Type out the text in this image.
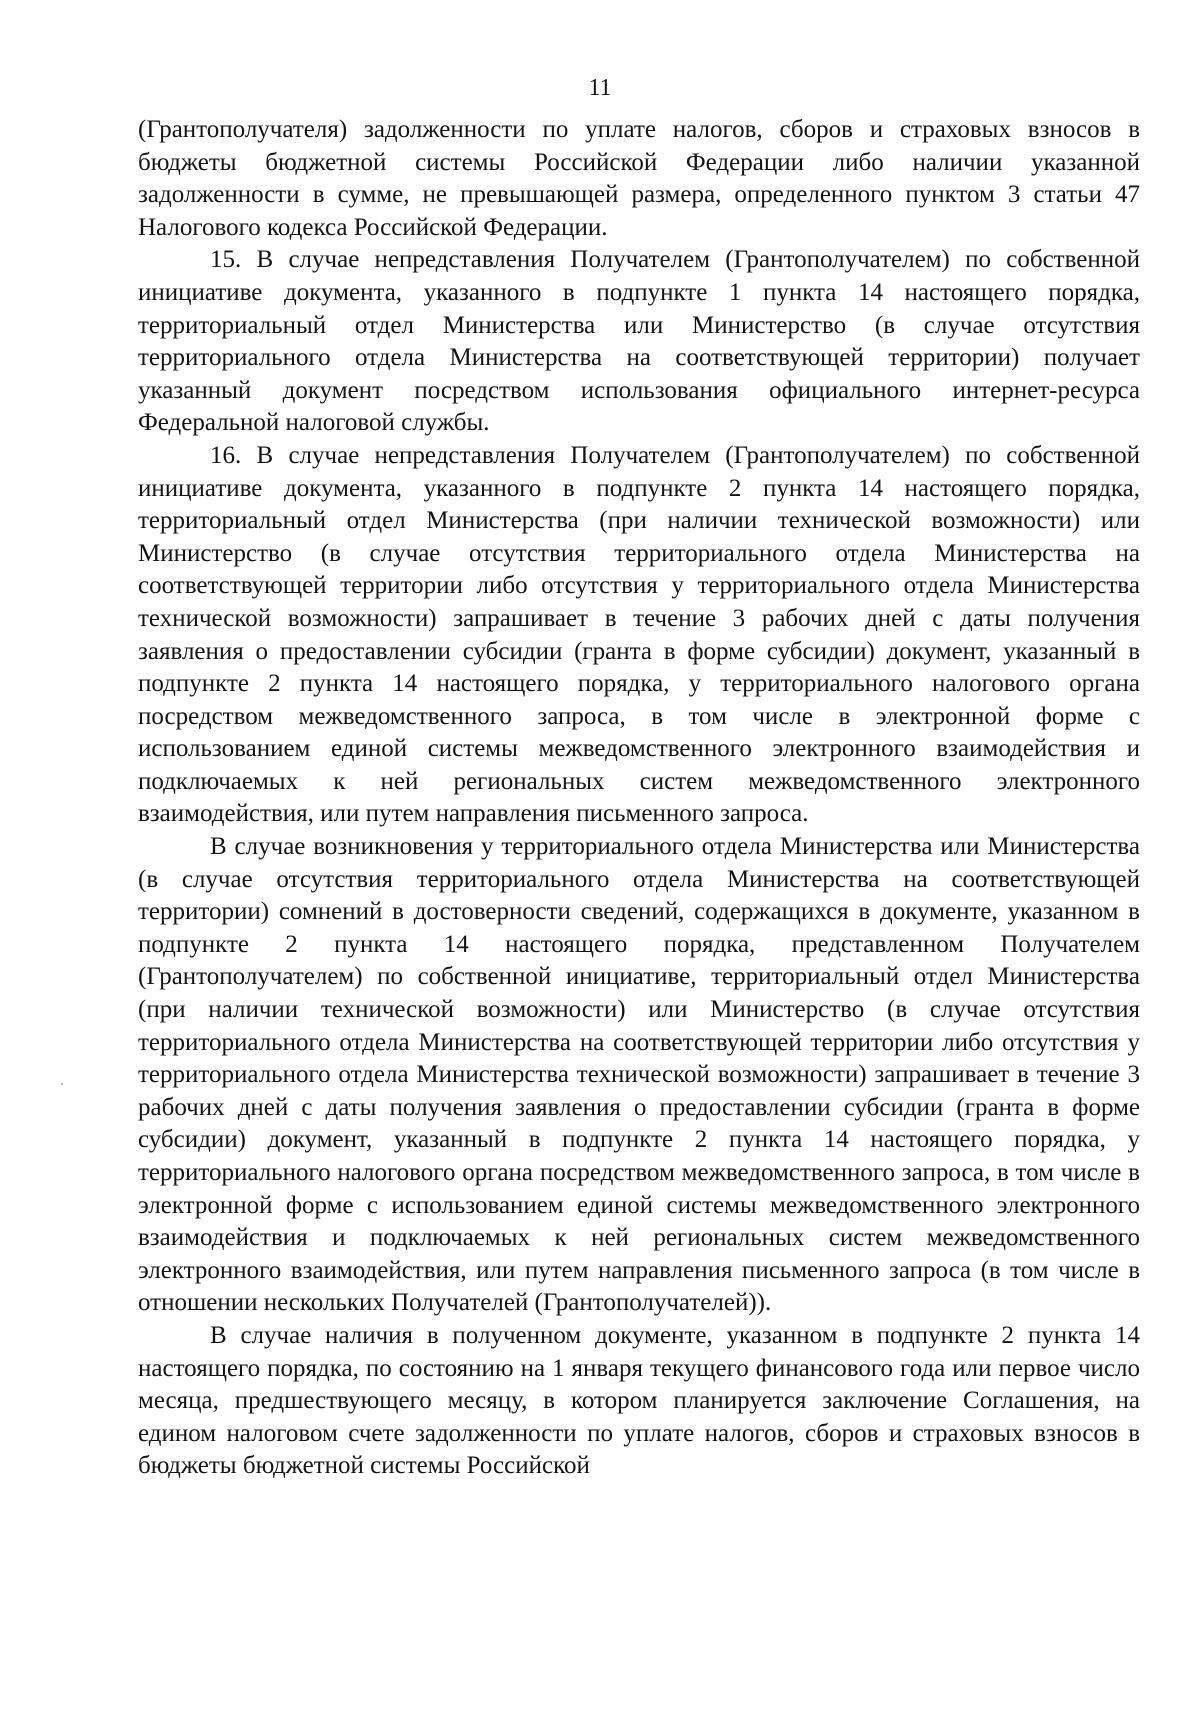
11

(Грантополучателя) задолженности по уплате налогов, сборов и страховых взносов в бюджеты бюджетной системы Российской Федерации либо наличии указанной задолженности в сумме, не превышающей размера, определенного пунктом 3 статьи 47 Налогового кодекса Российской Федерации.

15. В случае непредставления Получателем (Грантополучателем) по собственной инициативе документа, указанного в подпункте 1 пункта 14 настоящего порядка, территориальный отдел Министерства или Министерство (в случае отсутствия территориального отдела Министерства на соответствующей территории) получает указанный документ посредством использования официального интернет-ресурса Федеральной налоговой службы.

16. В случае непредставления Получателем (Грантополучателем) по собственной инициативе документа, указанного в подпункте 2 пункта 14 настоящего порядка, территориальный отдел Министерства (при наличии технической возможности) или Министерство (в случае отсутствия территориального отдела Министерства на соответствующей территории либо отсутствия у территориального отдела Министерства технической возможности) запрашивает в течение 3 рабочих дней с даты получения заявления о предоставлении субсидии (гранта в форме субсидии) документ, указанный в подпункте 2 пункта 14 настоящего порядка, у территориального налогового органа посредством межведомственного запроса, в том числе в электронной форме с использованием единой системы межведомственного электронного взаимодействия и подключаемых к ней региональных систем межведомственного электронного взаимодействия, или путем направления письменного запроса.

В случае возникновения у территориального отдела Министерства или Министерства (в случае отсутствия территориального отдела Министерства на соответствующей территории) сомнений в достоверности сведений, содержащихся в документе, указанном в подпункте 2 пункта 14 настоящего порядка, представленном Получателем (Грантополучателем) по собственной инициативе, территориальный отдел Министерства (при наличии технической возможности) или Министерство (в случае отсутствия территориального отдела Министерства на соответствующей территории либо отсутствия у территориального отдела Министерства технической возможности) запрашивает в течение 3 рабочих дней с даты получения заявления о предоставлении субсидии (гранта в форме субсидии) документ, указанный в подпункте 2 пункта 14 настоящего порядка, у территориального налогового органа посредством межведомственного запроса, в том числе в электронной форме с использованием единой системы межведомственного электронного взаимодействия и подключаемых к ней региональных систем межведомственного электронного взаимодействия, или путем направления письменного запроса (в том числе в отношении нескольких Получателей (Грантополучателей)).

В случае наличия в полученном документе, указанном в подпункте 2 пункта 14 настоящего порядка, по состоянию на 1 января текущего финансового года или первое число месяца, предшествующего месяцу, в котором планируется заключение Соглашения, на едином налоговом счете задолженности по уплате налогов, сборов и страховых взносов в бюджеты бюджетной системы Российской
